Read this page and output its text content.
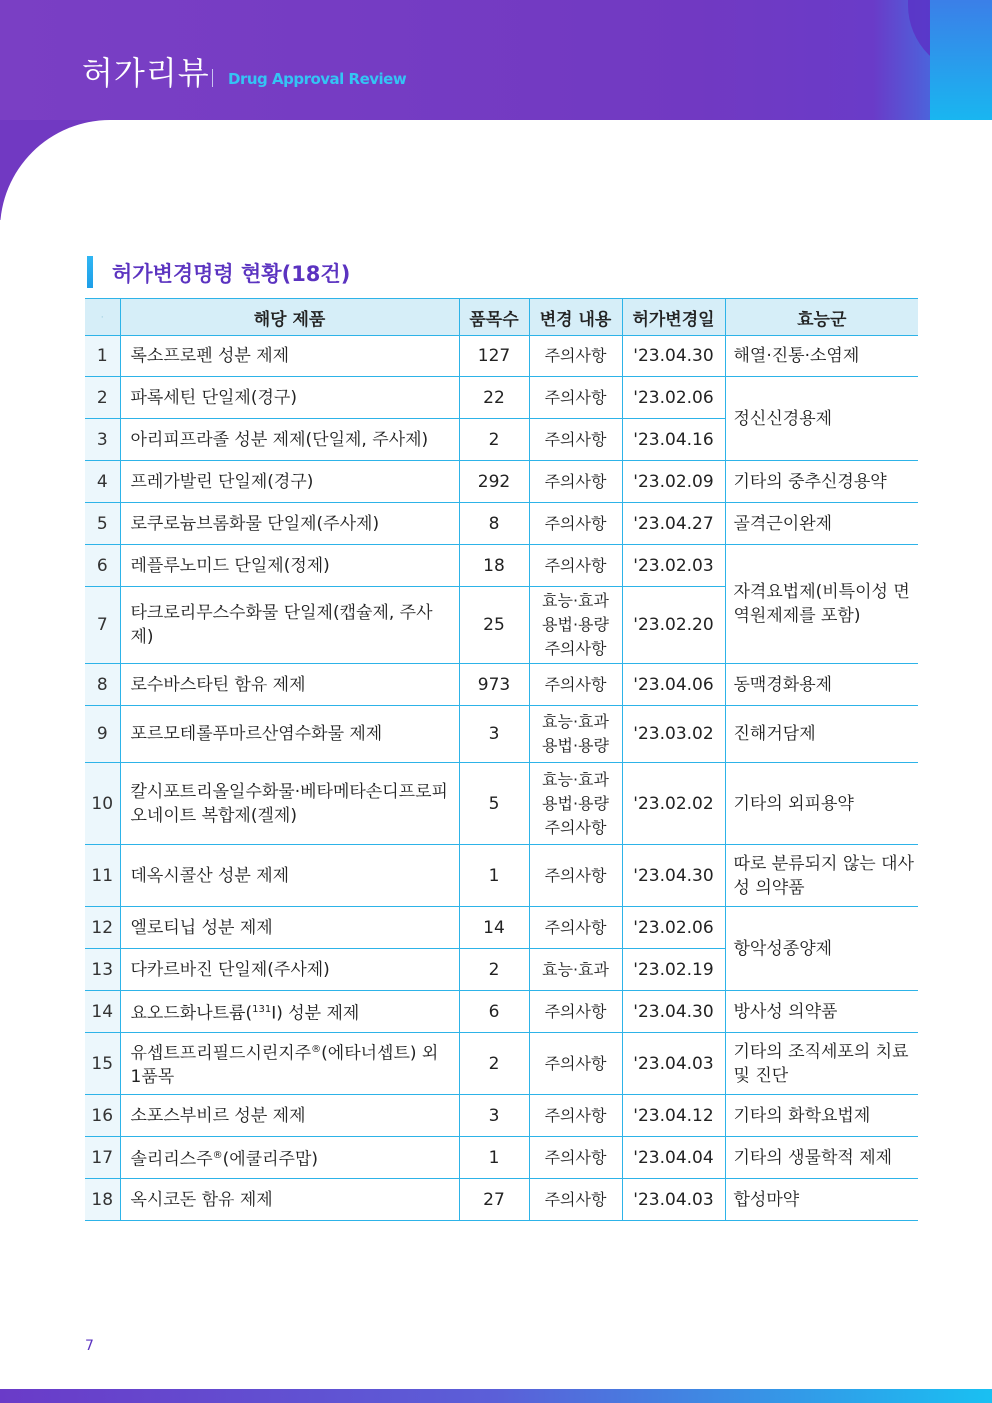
허가리뷰 Drug Approval Review
허가변경명령 현황(18건)
·	해당 제품	품목수	변경 내용	허가변경일	효능군
1	록소프로펜 성분 제제	127	주의사항	'23.04.30	해열·진통·소염제
2	파록세틴 단일제(경구)	22	주의사항	'23.02.06	정신신경용제
3	아리피프라졸 성분 제제(단일제, 주사제)	2	주의사항	'23.04.16	
4	프레가발린 단일제(경구)	292	주의사항	'23.02.09	기타의 중추신경용약
5	로쿠로늄브롬화물 단일제(주사제)	8	주의사항	'23.04.27	골격근이완제
6	레플루노미드 단일제(정제)	18	주의사항	'23.02.03	자격요법제(비특이성 면역원제제를 포함)
7	타크로리무스수화물 단일제(캡슐제, 주사제)	25	효능·효과
용법·용량
주의사항	'23.02.20	
8	로수바스타틴 함유 제제	973	주의사항	'23.04.06	동맥경화용제
9	포르모테롤푸마르산염수화물 제제	3	효능·효과
용법·용량	'23.03.02	진해거담제
10	칼시포트리올일수화물·베타메타손디프로피오네이트 복합제(겔제)	5	효능·효과
용법·용량
주의사항	'23.02.02	기타의 외피용약
11	데옥시콜산 성분 제제	1	주의사항	'23.04.30	따로 분류되지 않는 대사성 의약품
12	엘로티닙 성분 제제	14	주의사항	'23.02.06	항악성종양제
13	다카르바진 단일제(주사제)	2	효능·효과	'23.02.19	
14	요오드화나트륨($^{131}$I) 성분 제제	6	주의사항	'23.04.30	방사성 의약품
15	유셉트프리필드시린지주®(에타너셉트) 외 1품목	2	주의사항	'23.04.03	기타의 조직세포의 치료 및 진단
16	소포스부비르 성분 제제	3	주의사항	'23.04.12	기타의 화학요법제
17	솔리리스주®(에쿨리주맙)	1	주의사항	'23.04.04	기타의 생물학적 제제
18	옥시코돈 함유 제제	27	주의사항	'23.04.03	합성마약
7
